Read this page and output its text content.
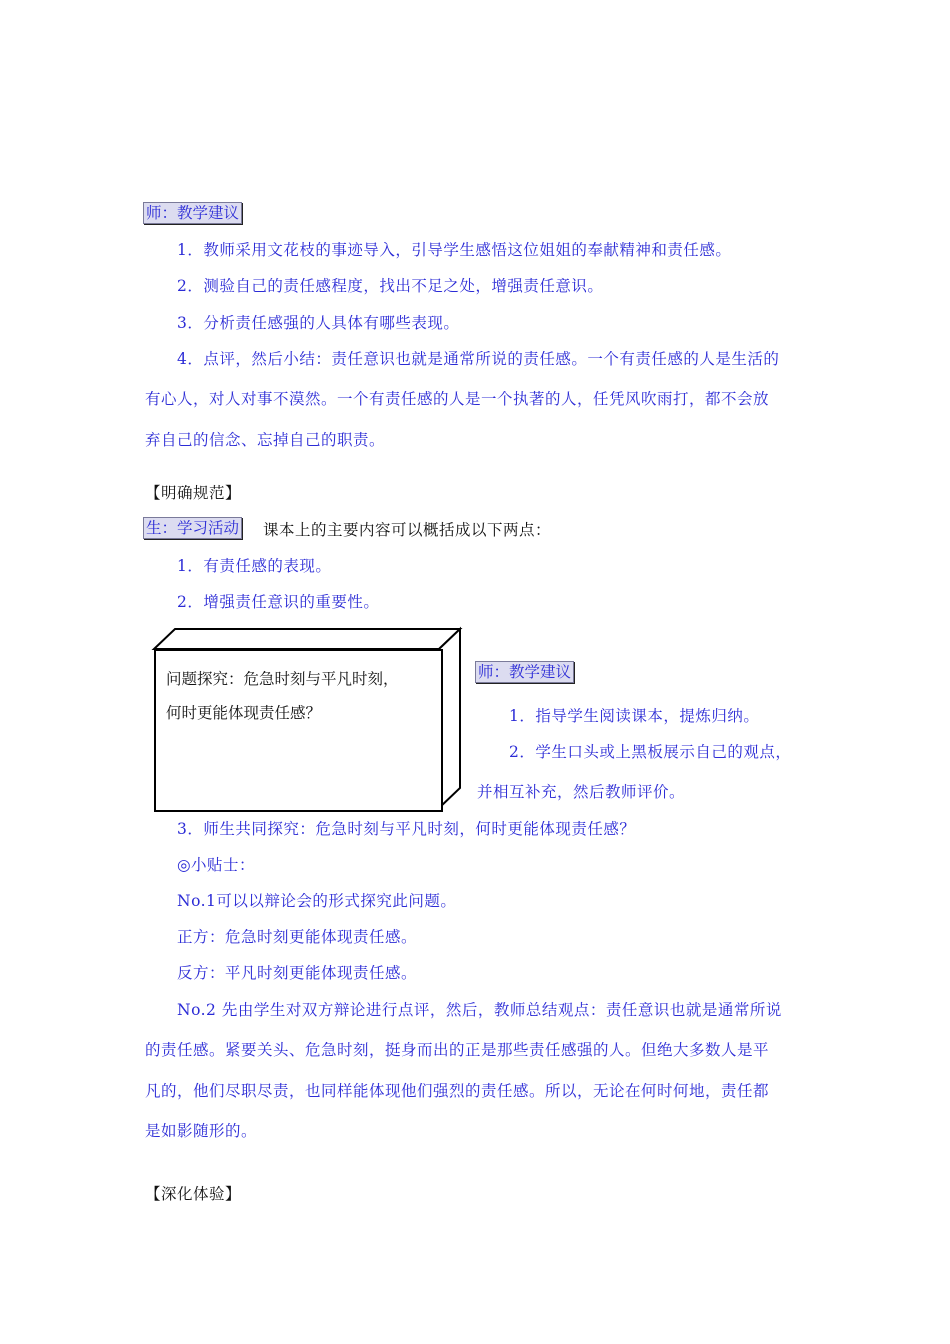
师：教学建议
1．教师采用文花枝的事迹导入，引导学生感悟这位姐姐的奉献精神和责任感。
2．测验自己的责任感程度，找出不足之处，增强责任意识。
3．分析责任感强的人具体有哪些表现。
4．点评，然后小结：责任意识也就是通常所说的责任感。一个有责任感的人是生活的
有心人，对人对事不漠然。一个有责任感的人是一个执著的人，任凭风吹雨打，都不会放
弃自己的信念、忘掉自己的职责。
【明确规范】
生：学习活动 课本上的主要内容可以概括成以下两点：
1．有责任感的表现。
2．增强责任意识的重要性。
问题探究：危急时刻与平凡时刻，
何时更能体现责任感？
师：教学建议
1．指导学生阅读课本，提炼归纳。
2．学生口头或上黑板展示自己的观点，
并相互补充，然后教师评价。
3．师生共同探究：危急时刻与平凡时刻，何时更能体现责任感？
◎小贴士：
No.1可以以辩论会的形式探究此问题。
正方：危急时刻更能体现责任感。
反方：平凡时刻更能体现责任感。
No.2 先由学生对双方辩论进行点评，然后，教师总结观点：责任意识也就是通常所说
的责任感。紧要关头、危急时刻，挺身而出的正是那些责任感强的人。但绝大多数人是平
凡的，他们尽职尽责，也同样能体现他们强烈的责任感。所以，无论在何时何地，责任都
是如影随形的。
【深化体验】
